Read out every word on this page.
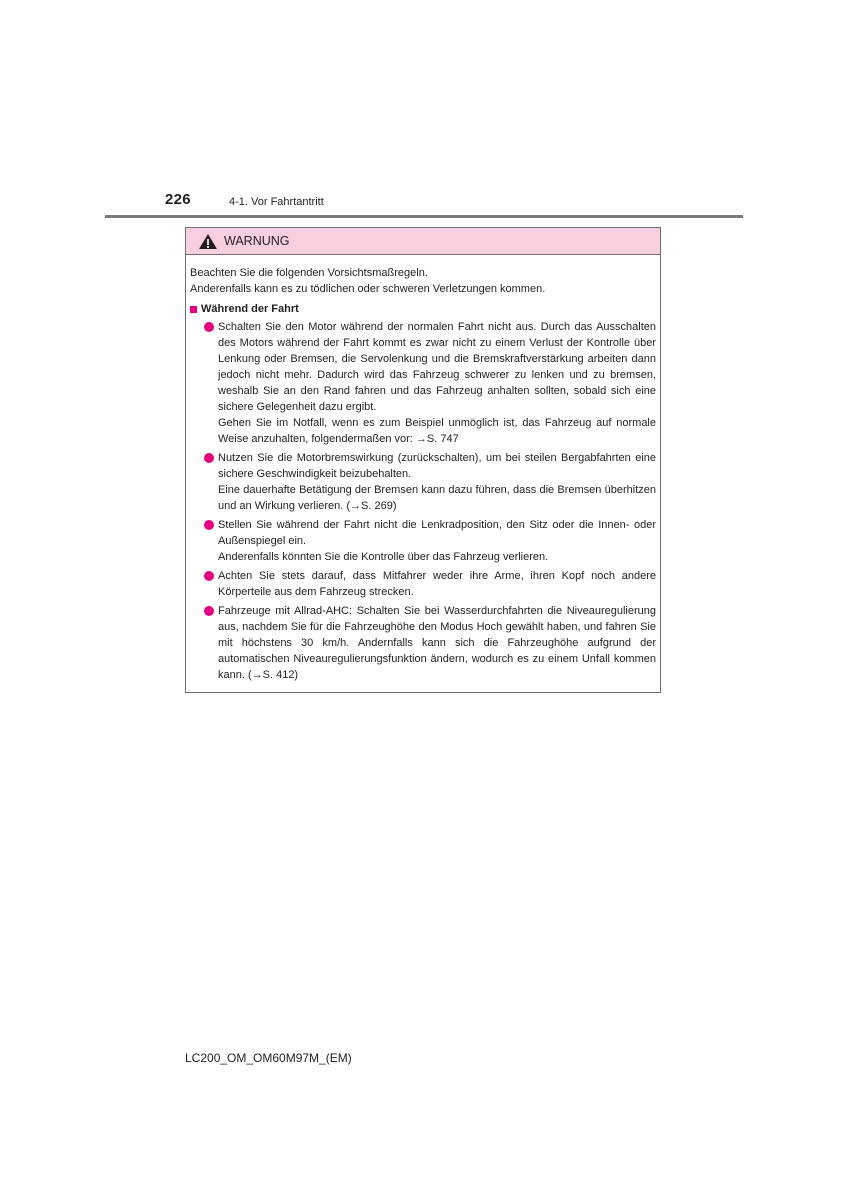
226	4-1. Vor Fahrtantritt
WARNUNG

Beachten Sie die folgenden Vorsichtsmaßregeln.

Anderenfalls kann es zu tödlichen oder schweren Verletzungen kommen.

Während der Fahrt

Schalten Sie den Motor während der normalen Fahrt nicht aus. Durch das Ausschalten des Motors während der Fahrt kommt es zwar nicht zu einem Verlust der Kontrolle über Lenkung oder Bremsen, die Servolenkung und die Bremskraftverstärkung arbeiten dann jedoch nicht mehr. Dadurch wird das Fahrzeug schwerer zu lenken und zu bremsen, weshalb Sie an den Rand fahren und das Fahrzeug anhalten sollten, sobald sich eine sichere Gelegenheit dazu ergibt.

Gehen Sie im Notfall, wenn es zum Beispiel unmöglich ist, das Fahrzeug auf normale Weise anzuhalten, folgendermaßen vor: →S. 747

Nutzen Sie die Motorbremswirkung (zurückschalten), um bei steilen Bergabfahrten eine sichere Geschwindigkeit beizubehalten.

Eine dauerhafte Betätigung der Bremsen kann dazu führen, dass die Bremsen überhitzen und an Wirkung verlieren. (→S. 269)

Stellen Sie während der Fahrt nicht die Lenkradposition, den Sitz oder die Innen- oder Außenspiegel ein.

Anderenfalls könnten Sie die Kontrolle über das Fahrzeug verlieren.

Achten Sie stets darauf, dass Mitfahrer weder ihre Arme, ihren Kopf noch andere Körperteile aus dem Fahrzeug strecken.

Fahrzeuge mit Allrad-AHC: Schalten Sie bei Wasserdurchfahrten die Niveauregulierung aus, nachdem Sie für die Fahrzeughöhe den Modus Hoch gewählt haben, und fahren Sie mit höchstens 30 km/h. Andernfalls kann sich die Fahrzeughöhe aufgrund der automatischen Niveauregulierungsfunktion ändern, wodurch es zu einem Unfall kommen kann. (→S. 412)

LC200_OM_OM60M97M_(EM)
